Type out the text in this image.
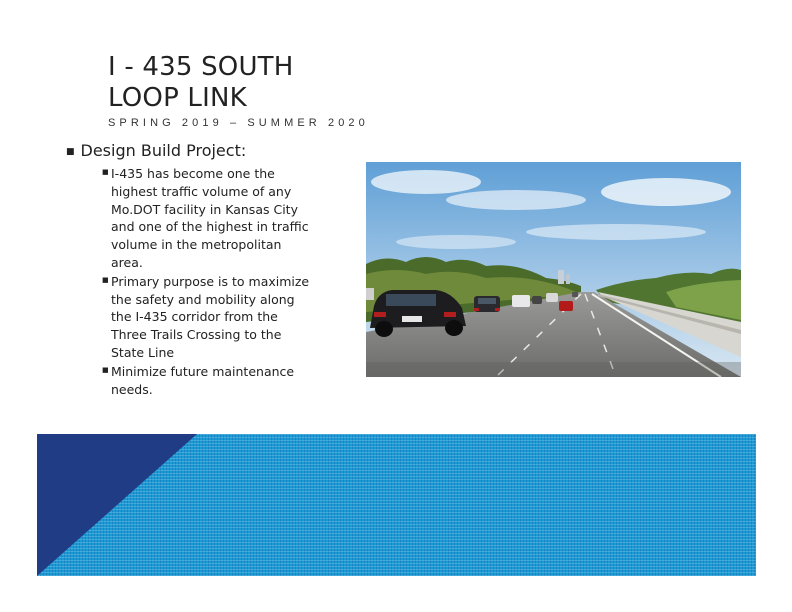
I - 435 SOUTH
LOOP LINK
SPRING 2019 – SUMMER 2020
■ Design Build Project:
■ I-435 has become one the highest traffic volume of any Mo.DOT facility in Kansas City and one of the highest in traffic volume in the metropolitan area.
■ Primary purpose is to maximize the safety and mobility along the I-435 corridor from the Three Trails Crossing to the State Line
■ Minimize future maintenance needs.
